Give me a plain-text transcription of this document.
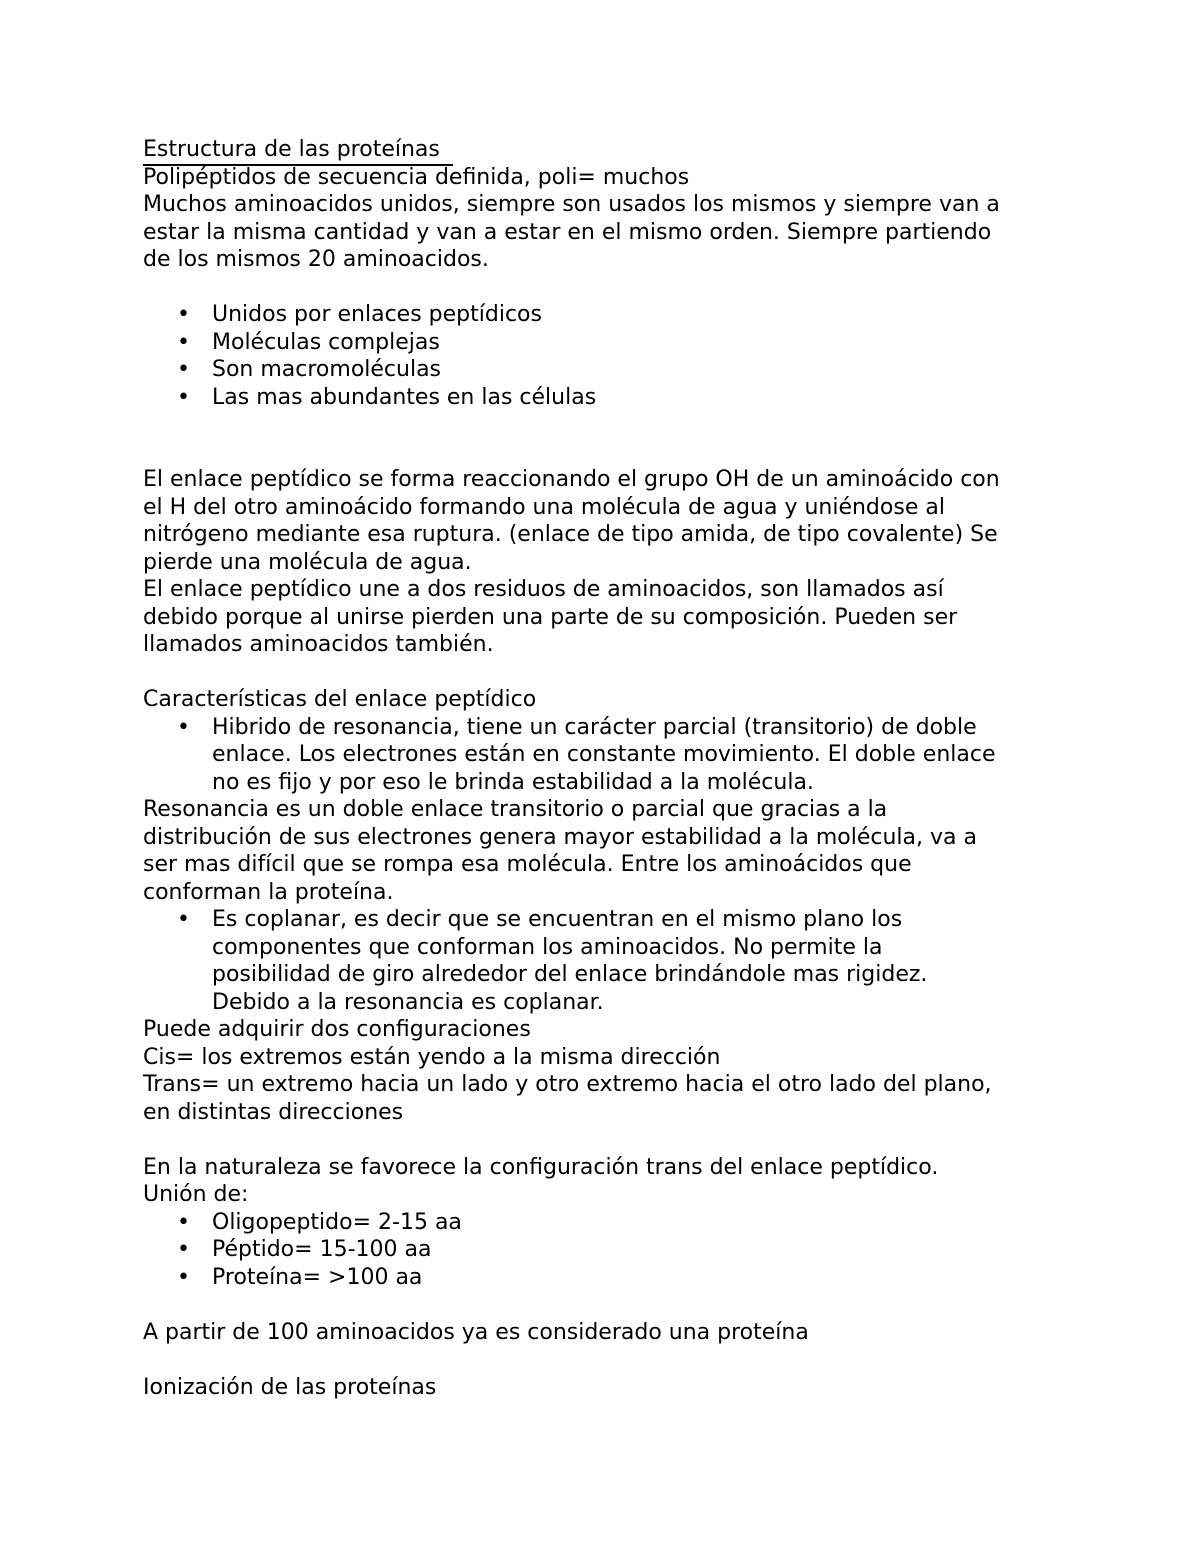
Estructura de las proteínas
Polipéptidos de secuencia definida, poli= muchos
Muchos aminoacidos unidos, siempre son usados los mismos y siempre van a
estar la misma cantidad y van a estar en el mismo orden. Siempre partiendo
de los mismos 20 aminoacidos.
• Unidos por enlaces peptídicos
• Moléculas complejas
• Son macromoléculas
• Las mas abundantes en las células
El enlace peptídico se forma reaccionando el grupo OH de un aminoácido con
el H del otro aminoácido formando una molécula de agua y uniéndose al
nitrógeno mediante esa ruptura. (enlace de tipo amida, de tipo covalente) Se
pierde una molécula de agua.
El enlace peptídico une a dos residuos de aminoacidos, son llamados así
debido porque al unirse pierden una parte de su composición. Pueden ser
llamados aminoacidos también.
Características del enlace peptídico
• Hibrido de resonancia, tiene un carácter parcial (transitorio) de doble
enlace. Los electrones están en constante movimiento. El doble enlace
no es fijo y por eso le brinda estabilidad a la molécula.
Resonancia es un doble enlace transitorio o parcial que gracias a la
distribución de sus electrones genera mayor estabilidad a la molécula, va a
ser mas difícil que se rompa esa molécula. Entre los aminoácidos que
conforman la proteína.
• Es coplanar, es decir que se encuentran en el mismo plano los
componentes que conforman los aminoacidos. No permite la
posibilidad de giro alrededor del enlace brindándole mas rigidez.
Debido a la resonancia es coplanar.
Puede adquirir dos configuraciones
Cis= los extremos están yendo a la misma dirección
Trans= un extremo hacia un lado y otro extremo hacia el otro lado del plano,
en distintas direcciones
En la naturaleza se favorece la configuración trans del enlace peptídico.
Unión de:
• Oligopeptido= 2-15 aa
• Péptido= 15-100 aa
• Proteína= >100 aa
A partir de 100 aminoacidos ya es considerado una proteína
Ionización de las proteínas
